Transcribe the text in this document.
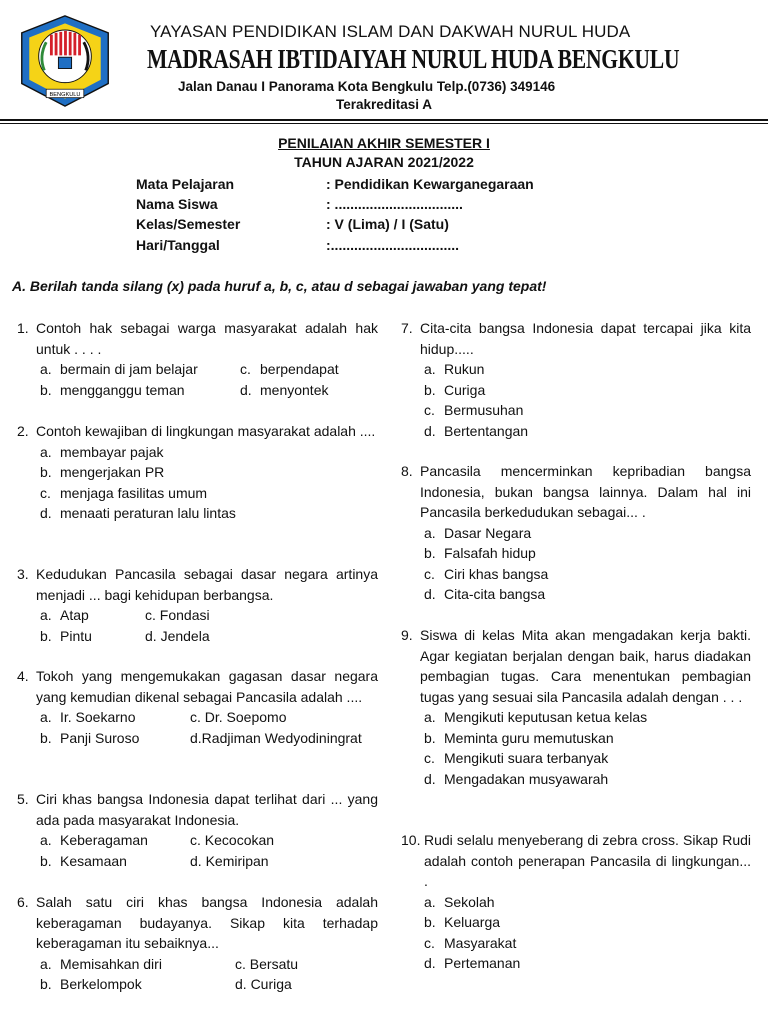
BENGKULU
YAYASAN PENDIDIKAN ISLAM DAN DAKWAH NURUL HUDA
MADRASAH IBTIDAIYAH NURUL HUDA BENGKULU
Jalan Danau I Panorama Kota Bengkulu Telp.(0736) 349146
Terakreditasi A
PENILAIAN AKHIR SEMESTER I
TAHUN AJARAN 2021/2022
Mata Pelajaran	: Pendidikan Kewarganegaraan
Nama Siswa	: .................................
Kelas/Semester	: V (Lima) / I (Satu)
Hari/Tanggal	:.................................
A. Berilah tanda silang (x) pada huruf a, b, c, atau d sebagai jawaban yang tepat!
1. Contoh hak sebagai warga masyarakat adalah hak untuk . . . .
a. bermain di jam belajar	c. berpendapat
b. mengganggu teman	d. menyontek
2. Contoh kewajiban di lingkungan masyarakat adalah ....
a. membayar pajak
b. mengerjakan PR
c. menjaga fasilitas umum
d. menaati peraturan lalu lintas
3. Kedudukan Pancasila sebagai dasar negara artinya menjadi ... bagi kehidupan berbangsa.
a. Atap	c. Fondasi
b. Pintu	d. Jendela
4. Tokoh yang mengemukakan gagasan dasar negara yang kemudian dikenal sebagai Pancasila adalah ....
a. Ir. Soekarno	c. Dr. Soepomo
b. Panji Suroso	d.Radjiman Wedyodiningrat
5. Ciri khas bangsa Indonesia dapat terlihat dari ... yang ada pada masyarakat Indonesia.
a. Keberagaman	c. Kecocokan
b. Kesamaan	d. Kemiripan
6. Salah satu ciri khas bangsa Indonesia adalah keberagaman budayanya. Sikap kita terhadap keberagaman itu sebaiknya...
a. Memisahkan diri	c. Bersatu
b. Berkelompok	d. Curiga
7. Cita-cita bangsa Indonesia dapat tercapai jika kita hidup.....
a. Rukun
b. Curiga
c. Bermusuhan
d. Bertentangan
8. Pancasila mencerminkan kepribadian bangsa Indonesia, bukan bangsa lainnya. Dalam hal ini Pancasila berkedudukan sebagai... .
a. Dasar Negara
b. Falsafah hidup
c. Ciri khas bangsa
d. Cita-cita bangsa
9. Siswa di kelas Mita akan mengadakan kerja bakti. Agar kegiatan berjalan dengan baik, harus diadakan pembagian tugas. Cara menentukan pembagian tugas yang sesuai sila Pancasila adalah dengan . . .
a. Mengikuti keputusan ketua kelas
b. Meminta guru memutuskan
c. Mengikuti suara terbanyak
d. Mengadakan musyawarah
10. Rudi selalu menyeberang di zebra cross. Sikap Rudi adalah contoh penerapan Pancasila di lingkungan... .
a. Sekolah
b. Keluarga
c. Masyarakat
d. Pertemanan
